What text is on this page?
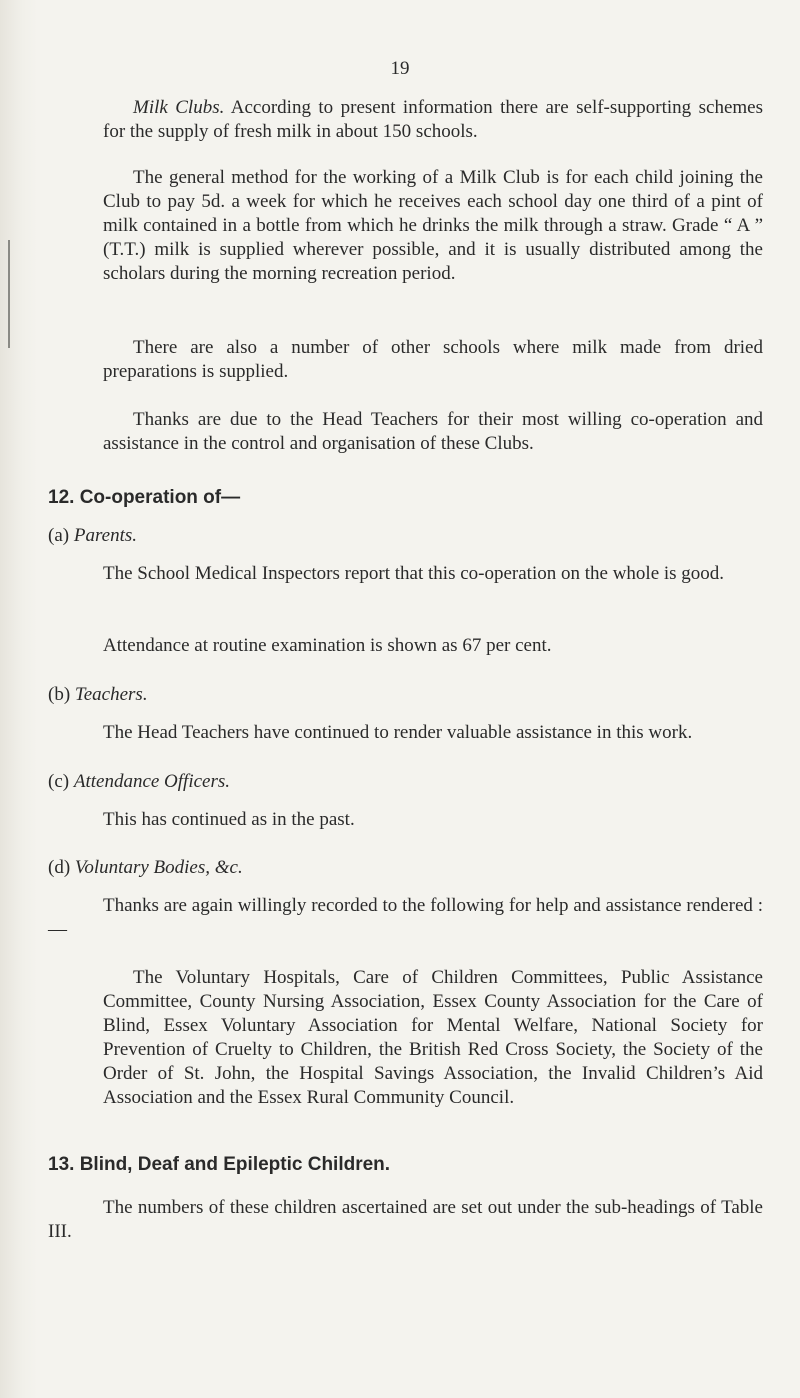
19

Milk Clubs. According to present information there are self-supporting schemes for the supply of fresh milk in about 150 schools.

The general method for the working of a Milk Club is for each child joining the Club to pay 5d. a week for which he receives each school day one third of a pint of milk contained in a bottle from which he drinks the milk through a straw. Grade “ A ” (T.T.) milk is supplied wherever possible, and it is usually distributed among the scholars during the morning recreation period.

There are also a number of other schools where milk made from dried preparations is supplied.

Thanks are due to the Head Teachers for their most willing co-operation and assistance in the control and organisation of these Clubs.

12. Co-operation of—
(a) Parents.

The School Medical Inspectors report that this co-operation on the whole is good.

Attendance at routine examination is shown as 67 per cent.

(b) Teachers.

The Head Teachers have continued to render valuable assistance in this work.

(c) Attendance Officers.

This has continued as in the past.

(d) Voluntary Bodies, &c.

Thanks are again willingly recorded to the following for help and assistance rendered :—

The Voluntary Hospitals, Care of Children Committees, Public Assistance Committee, County Nursing Association, Essex County Association for the Care of Blind, Essex Voluntary Association for Mental Welfare, National Society for Prevention of Cruelty to Children, the British Red Cross Society, the Society of the Order of St. John, the Hospital Savings Association, the Invalid Children’s Aid Association and the Essex Rural Community Council.

13. Blind, Deaf and Epileptic Children.

The numbers of these children ascertained are set out under the sub-headings of Table III.
